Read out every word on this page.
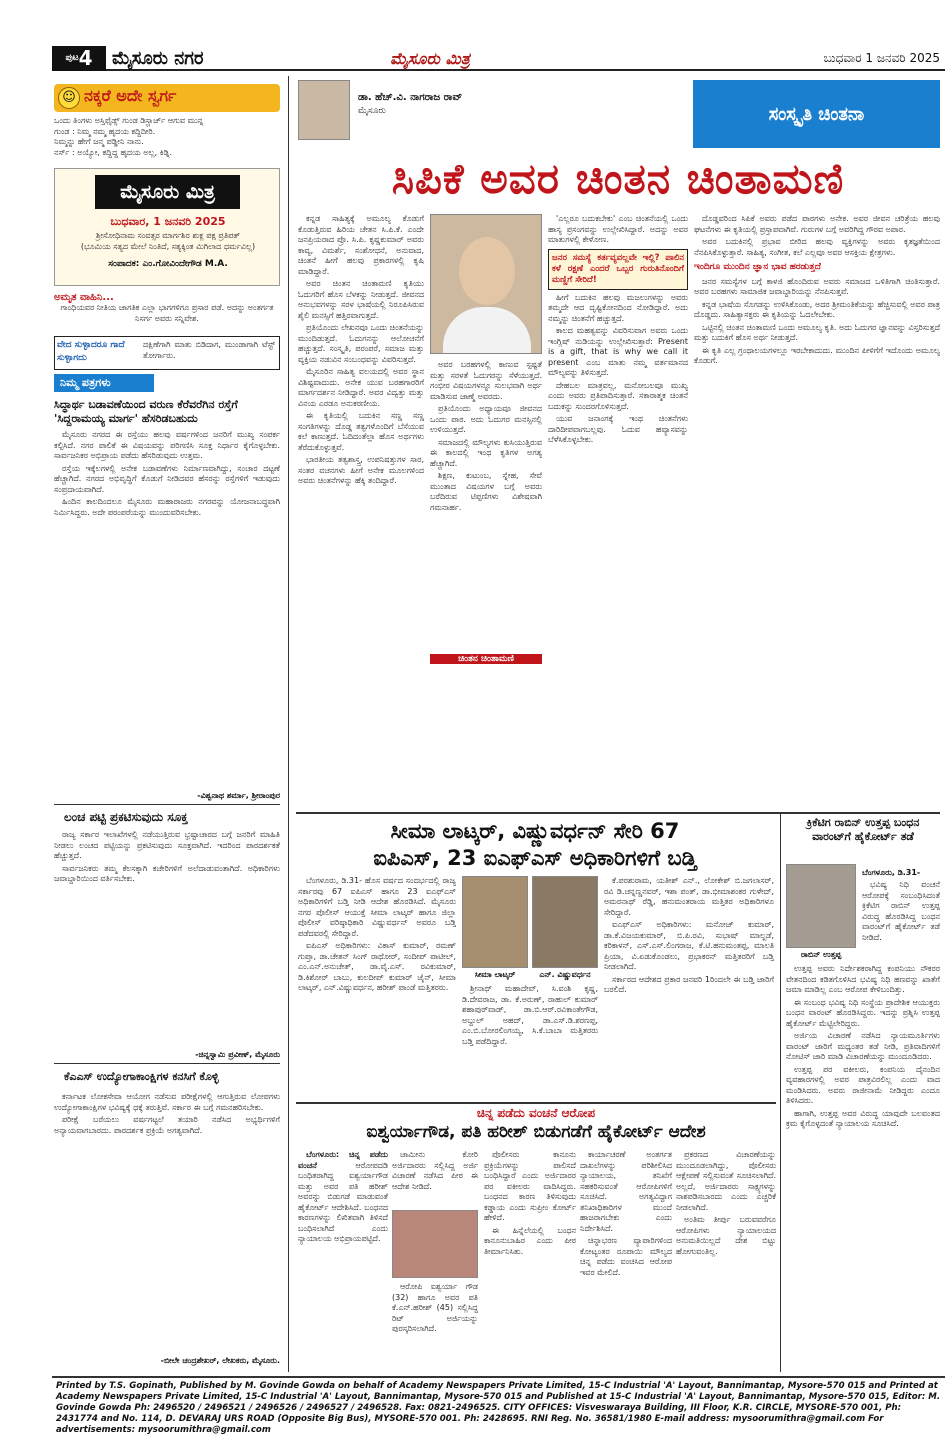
$^{ಪುಟ}$4	ಮೈಸೂರು ನಗರ	ಮೈಸೂರು ಮಿತ್ರ	ಬುಧವಾರ 1 ಜನವರಿ 2025
☺ ನಕ್ಕರೆ ಅದೇ ಸ್ವರ್ಗ
ಒಂದು ತಿಂಗಳು ಅಸ್ತಿಫೈಡ್ಸ್ ಗುಂಡ ಡಿಸ್ಚಾರ್ಜ್ ಆಗುವ ಮುನ್ನ
ಗುಂಡ : ನಿಮ್ಮ ನಮ್ಮ ಹೃದಯ ಕದ್ದಿದೀರಿ.
ನಿಮ್ಮನ್ನು ಹೇಗೆ ಜನ್ಮ ಪಡ್ಡೀನಿ ನಾನು.
ನರ್ಸ್ : ಅಯ್ಯೋ, ಕದ್ದಿದ್ದ ಹೃದಯ ಅಲ್ಲ, ಕಿಡ್ನಿ.
ಮೈಸೂರು ಮಿತ್ರ
ಬುಧವಾರ, 1 ಜನವರಿ 2025
ಶ್ರೀಸೋಧಿನಾಮ ಸಂವತ್ಸರ ಮಾರ್ಗಶಿರ ಶುಕ್ಲ ಪಕ್ಷ ಪ್ರತಿಪತ್
(ಭೂಮಿಯ ಸತ್ಯದ ಮೇಲೆ ನಿಂತಿದೆ, ಸತ್ಯಕ್ಕಿಂತ ಮಿಗಿಲಾದ ಧರ್ಮವಿಲ್ಲ)
ಸಂಪಾದಕ: ಎಂ.ಗೋವಿಂದೇಗೌಡ M.A.
ಅಮೃತ ವಾಹಿನಿ...
ಗಾಂಧಿಯವರ ನೀತಿಯ ಜಾಗತಿಕ ಎಲ್ಲಾ ಭಾಗಗಳಿಗೂ ಪ್ರಸಾರ ಪಡೆ. ಅದನ್ನು ಅಂತರ್ಗತ ನಿಸರ್ಗ ಅವರು ಸನ್ನಿವೇಶ.
ವೇದ ಸುಳ್ಳಾದರೂ ಗಾದೆ ಸುಳ್ಳಾಗದು
ದಕ್ಷಿಣೆಗಾಗಿ ಮಾತು ಬಿಡಿದಾಗ, ಮುಂಡಾಗಾಗಿ ಟೆಸ್ಟ್ ತೋರ್ಗಾರು.
ನಿಮ್ಮ ಪತ್ರಗಳು
ಸಿದ್ಧಾರ್ಥ ಬಡಾವಣೆಯಿಂದ ವರುಣ ಕೆರೆವರೆಗಿನ ರಸ್ತೆಗೆ 'ಸಿದ್ದರಾಮಯ್ಯ ಮಾರ್ಗ' ಹೆಸರಿಡಬಹುದು

ಮೈಸೂರು ನಗರದ ಈ ರಸ್ತೆಯು ಹಲವು ವರ್ಷಗಳಿಂದ ಜನರಿಗೆ ಮುಖ್ಯ ಸಂಪರ್ಕ ಕಲ್ಪಿಸಿದೆ. ನಗರ ಪಾಲಿಕೆ ಈ ವಿಷಯವನ್ನು ಪರಿಗಣಿಸಿ ಸೂಕ್ತ ನಿರ್ಧಾರ ಕೈಗೊಳ್ಳಬೇಕು. ಸಾರ್ವಜನಿಕರ ಅಭಿಪ್ರಾಯ ಪಡೆದು ಹೆಸರಿಡುವುದು ಉತ್ತಮ.

ರಸ್ತೆಯ ಇಕ್ಕೆಲಗಳಲ್ಲಿ ಅನೇಕ ಬಡಾವಣೆಗಳು ನಿರ್ಮಾಣವಾಗಿದ್ದು, ಸಂಚಾರ ದಟ್ಟಣೆ ಹೆಚ್ಚಾಗಿದೆ. ನಗರದ ಅಭಿವೃದ್ಧಿಗೆ ಕೊಡುಗೆ ನೀಡಿದವರ ಹೆಸರನ್ನು ರಸ್ತೆಗಳಿಗೆ ಇಡುವುದು ಸಂಪ್ರದಾಯವಾಗಿದೆ.

ಹಿಂದಿನ ಕಾಲದಿಂದಲೂ ಮೈಸೂರು ಮಹಾರಾಜರು ನಗರವನ್ನು ಯೋಜನಾಬದ್ಧವಾಗಿ ನಿರ್ಮಿಸಿದ್ದರು. ಅದೇ ಪರಂಪರೆಯನ್ನು ಮುಂದುವರಿಸಬೇಕು.

-ವಿಶ್ವನಾಥ ಶರ್ಮಾ, ಶ್ರೀರಾಂಪುರ
ಲಂಚ ಪಟ್ಟಿ ಪ್ರಕಟಿಸುವುದು ಸೂಕ್ತ

ರಾಜ್ಯ ಸರ್ಕಾರ ಇಲಾಖೆಗಳಲ್ಲಿ ನಡೆಯುತ್ತಿರುವ ಭ್ರಷ್ಟಾಚಾರದ ಬಗ್ಗೆ ಜನರಿಗೆ ಮಾಹಿತಿ ನೀಡಲು ಲಂಚದ ಪಟ್ಟಿಯನ್ನು ಪ್ರಕಟಿಸುವುದು ಸೂಕ್ತವಾಗಿದೆ. ಇದರಿಂದ ಪಾರದರ್ಶಕತೆ ಹೆಚ್ಚುತ್ತದೆ.

ಸಾರ್ವಜನಿಕರು ತಮ್ಮ ಕೆಲಸಕ್ಕಾಗಿ ಕಚೇರಿಗಳಿಗೆ ಅಲೆದಾಡುವಂತಾಗಿದೆ. ಅಧಿಕಾರಿಗಳು ಜವಾಬ್ದಾರಿಯಿಂದ ವರ್ತಿಸಬೇಕು.

-ಚಿನ್ನಸ್ವಾಮಿ ಪ್ರವೀಣ್, ಮೈಸೂರು
ಕೆಎಎಸ್ ಉದ್ಯೋಗಾಕಾಂಕ್ಷಿಗಳ ಕನಸಿಗೆ ಕೊಳ್ಳಿ

ಕರ್ನಾಟಕ ಲೋಕಸೇವಾ ಆಯೋಗ ನಡೆಸುವ ಪರೀಕ್ಷೆಗಳಲ್ಲಿ ಆಗುತ್ತಿರುವ ಲೋಪಗಳು ಉದ್ಯೋಗಾಕಾಂಕ್ಷಿಗಳ ಭವಿಷ್ಯಕ್ಕೆ ಧಕ್ಕೆ ತರುತ್ತಿವೆ. ಸರ್ಕಾರ ಈ ಬಗ್ಗೆ ಗಮನಹರಿಸಬೇಕು.

ಪರೀಕ್ಷೆ ಬರೆಯಲು ವರ್ಷಗಟ್ಟಲೆ ತಯಾರಿ ನಡೆಸಿದ ಅಭ್ಯರ್ಥಿಗಳಿಗೆ ಅನ್ಯಾಯವಾಗಬಾರದು. ಪಾರದರ್ಶಕ ಪ್ರಕ್ರಿಯೆ ಅಗತ್ಯವಾಗಿದೆ.

-ಬೀಲೇ ಚಂದ್ರಶೇಖರ್, ಲೇಖಕರು, ಮೈಸೂರು.
ಡಾ. ಹೆಚ್.ವಿ. ನಾಗರಾಜ ರಾವ್
ಮೈಸೂರು	ಸಂಸ್ಕೃತಿ ಚಿಂತನಾ
ಸಿಪಿಕೆ ಅವರ ಚಿಂತನ ಚಿಂತಾಮಣಿ

ಕನ್ನಡ ಸಾಹಿತ್ಯಕ್ಕೆ ಅಮೂಲ್ಯ ಕೊಡುಗೆ ಕೊಡುತ್ತಿರುವ ಹಿರಿಯ ಚೇತನ ಸಿ.ಪಿ.ಕೆ. ಎಂದೇ ಜನಪ್ರಿಯರಾದ ಪ್ರೊ. ಸಿ.ಪಿ. ಕೃಷ್ಣಕುಮಾರ್ ಅವರು ಕಾವ್ಯ, ವಿಮರ್ಶೆ, ಸಂಶೋಧನೆ, ಅನುವಾದ, ಚಿಂತನೆ ಹೀಗೆ ಹಲವು ಪ್ರಕಾರಗಳಲ್ಲಿ ಕೃಷಿ ಮಾಡಿದ್ದಾರೆ.

ಅವರ ಚಿಂತನ ಚಿಂತಾಮಣಿ ಕೃತಿಯು ಓದುಗರಿಗೆ ಹೊಸ ಬೆಳಕನ್ನು ನೀಡುತ್ತದೆ. ಜೀವನದ ಅನುಭವಗಳನ್ನು ಸರಳ ಭಾಷೆಯಲ್ಲಿ ನಿರೂಪಿಸಿರುವ ಶೈಲಿ ಮನಸ್ಸಿಗೆ ಹತ್ತಿರವಾಗುತ್ತದೆ.

ಪ್ರತಿಯೊಂದು ಲೇಖನವೂ ಒಂದು ಚಿಂತನೆಯನ್ನು ಮುಂದಿಡುತ್ತದೆ. ಓದುಗನನ್ನು ಆಲೋಚನೆಗೆ ಹಚ್ಚುತ್ತದೆ. ಸಂಸ್ಕೃತಿ, ಪರಂಪರೆ, ಸಮಾಜ ಮತ್ತು ವ್ಯಕ್ತಿಯ ನಡುವಿನ ಸಂಬಂಧವನ್ನು ವಿವರಿಸುತ್ತದೆ.

ಮೈಸೂರಿನ ಸಾಹಿತ್ಯ ವಲಯದಲ್ಲಿ ಅವರ ಸ್ಥಾನ ವಿಶಿಷ್ಟವಾದುದು. ಅನೇಕ ಯುವ ಬರಹಗಾರರಿಗೆ ಮಾರ್ಗದರ್ಶನ ನೀಡಿದ್ದಾರೆ. ಅವರ ವಿದ್ವತ್ತು ಮತ್ತು ವಿನಯ ಎರಡೂ ಅನುಕರಣೀಯ.

ಈ ಕೃತಿಯಲ್ಲಿ ಬದುಕಿನ ಸಣ್ಣ ಸಣ್ಣ ಸಂಗತಿಗಳನ್ನು ದೊಡ್ಡ ತತ್ವಗಳೊಂದಿಗೆ ಬೆಸೆಯುವ ಕಲೆ ಕಾಣುತ್ತದೆ. ಓದಿದಂತೆಲ್ಲಾ ಹೊಸ ಅರ್ಥಗಳು ತೆರೆದುಕೊಳ್ಳುತ್ತವೆ.

ಭಾರತೀಯ ತತ್ವಶಾಸ್ತ್ರ, ಉಪನಿಷತ್ತುಗಳ ಸಾರ, ಸಂತರ ವಚನಗಳು ಹೀಗೆ ಅನೇಕ ಮೂಲಗಳಿಂದ ಅವರು ಚಿಂತನೆಗಳನ್ನು ಹೆಕ್ಕಿ ತಂದಿದ್ದಾರೆ.

ಅವರ ಬರಹಗಳಲ್ಲಿ ಕಾಣುವ ಸ್ಪಷ್ಟತೆ ಮತ್ತು ಸರಳತೆ ಓದುಗರನ್ನು ಸೆಳೆಯುತ್ತದೆ. ಗಂಭೀರ ವಿಷಯಗಳನ್ನೂ ಸುಲಭವಾಗಿ ಅರ್ಥ ಮಾಡಿಸುವ ಜಾಣ್ಮೆ ಅವರದು.

ಪ್ರತಿಯೊಂದು ಅಧ್ಯಾಯವೂ ಜೀವನದ ಒಂದು ಪಾಠ. ಅದು ಓದುಗರ ಮನಸ್ಸಿನಲ್ಲಿ ಉಳಿಯುತ್ತದೆ.

ಸಮಾಜದಲ್ಲಿ ಮೌಲ್ಯಗಳು ಕುಸಿಯುತ್ತಿರುವ ಈ ಕಾಲದಲ್ಲಿ ಇಂಥ ಕೃತಿಗಳ ಅಗತ್ಯ ಹೆಚ್ಚಾಗಿದೆ.

ಶಿಕ್ಷಣ, ಕುಟುಂಬ, ಸ್ನೇಹ, ಸೇವೆ ಮುಂತಾದ ವಿಷಯಗಳ ಬಗ್ಗೆ ಅವರು ಬರೆದಿರುವ ಟಿಪ್ಪಣಿಗಳು ವಿಶೇಷವಾಗಿ ಗಮನಾರ್ಹ.

ಚಿಂತನ ಚಿಂತಾಮಣಿ

'ಎಲ್ಲರೂ ಬದುಕಬೇಕು' ಎಂಬ ಚಿಂತನೆಯಲ್ಲಿ ಒಂದು ಹಾಸ್ಯ ಪ್ರಸಂಗವನ್ನು ಉಲ್ಲೇಖಿಸಿದ್ದಾರೆ. ಅದನ್ನು ಅವರ ಮಾತುಗಳಲ್ಲಿ ಕೇಳೋಣ.

ಜನರ ಸಮಸ್ಯೆ ಕರ್ತವ್ಯವಲ್ಲವೇ ಇಲ್ಲಿ? ಪಾಲಿನ ಕಳೆ ರಕ್ಷಣೆ ಎಂದರೆ ಒಬ್ಬರ ಗುರುತಿನೊಂದಿಗೆ ಮಣ್ಣಿಗೆ ಸೇರಿದೆ!

ಹೀಗೆ ಬದುಕಿನ ಹಲವು ಮಜಲುಗಳನ್ನು ಅವರು ತಮ್ಮದೇ ಆದ ದೃಷ್ಟಿಕೋನದಿಂದ ನೋಡಿದ್ದಾರೆ. ಅದು ನಮ್ಮನ್ನು ಚಿಂತನೆಗೆ ಹಚ್ಚುತ್ತದೆ.

ಕಾಲದ ಮಹತ್ವವನ್ನು ವಿವರಿಸುವಾಗ ಅವರು ಒಂದು ಇಂಗ್ಲಿಷ್ ನುಡಿಯನ್ನು ಉಲ್ಲೇಖಿಸುತ್ತಾರೆ: Present is a gift, that is why we call it present ಎಂಬ ಮಾತು ನಮ್ಮ ವರ್ತಮಾನದ ಮೌಲ್ಯವನ್ನು ತಿಳಿಸುತ್ತದೆ.

ದೇಹಬಲ ಮಾತ್ರವಲ್ಲ, ಮನೋಬಲವೂ ಮುಖ್ಯ ಎಂದು ಅವರು ಪ್ರತಿಪಾದಿಸುತ್ತಾರೆ. ಸಕಾರಾತ್ಮಕ ಚಿಂತನೆ ಬದುಕನ್ನು ಸುಂದರಗೊಳಿಸುತ್ತದೆ.

ಯುವ ಜನಾಂಗಕ್ಕೆ ಇಂಥ ಚಿಂತನೆಗಳು ದಾರಿದೀಪವಾಗಬಲ್ಲವು. ಓದುವ ಹವ್ಯಾಸವನ್ನು ಬೆಳೆಸಿಕೊಳ್ಳಬೇಕು.

ದೊಡ್ಡವರಿಂದ ಸಿಪಿಕೆ ಅವರು ಪಡೆದ ಪಾಠಗಳು ಅನೇಕ. ಅವರ ಜೀವನ ಚರಿತ್ರೆಯ ಹಲವು ಘಟನೆಗಳು ಈ ಕೃತಿಯಲ್ಲಿ ಪ್ರಸ್ತಾಪವಾಗಿವೆ. ಗುರುಗಳ ಬಗ್ಗೆ ಅವರಿಗಿದ್ದ ಗೌರವ ಅಪಾರ.

ಅವರ ಬದುಕಿನಲ್ಲಿ ಪ್ರಭಾವ ಬೀರಿದ ಹಲವು ವ್ಯಕ್ತಿಗಳನ್ನು ಅವರು ಕೃತಜ್ಞತೆಯಿಂದ ನೆನಪಿಸಿಕೊಳ್ಳುತ್ತಾರೆ. ಸಾಹಿತ್ಯ, ಸಂಗೀತ, ಕಲೆ ಎಲ್ಲವೂ ಅವರ ಆಸಕ್ತಿಯ ಕ್ಷೇತ್ರಗಳು.

ಇಂದಿಗೂ ಮುಂದಿನ ಜ್ಞಾನ ಭಾವ ಹರಡುತ್ತದೆ

ಜನರ ಸಮಸ್ಯೆಗಳ ಬಗ್ಗೆ ಕಾಳಜಿ ಹೊಂದಿರುವ ಅವರು ಸಮಾಜದ ಒಳಿತಿಗಾಗಿ ಚಿಂತಿಸುತ್ತಾರೆ. ಅವರ ಬರಹಗಳು ಸಾಮಾಜಿಕ ಜವಾಬ್ದಾರಿಯನ್ನು ನೆನಪಿಸುತ್ತವೆ.

ಕನ್ನಡ ಭಾಷೆಯ ಸೊಗಡನ್ನು ಉಳಿಸಿಕೊಂಡು, ಅದರ ಶ್ರೀಮಂತಿಕೆಯನ್ನು ಹೆಚ್ಚಿಸುವಲ್ಲಿ ಅವರ ಪಾತ್ರ ದೊಡ್ಡದು. ಸಾಹಿತ್ಯಾಸಕ್ತರು ಈ ಕೃತಿಯನ್ನು ಓದಲೇಬೇಕು.

ಒಟ್ಟಿನಲ್ಲಿ ಚಿಂತನ ಚಿಂತಾಮಣಿ ಒಂದು ಅಮೂಲ್ಯ ಕೃತಿ. ಅದು ಓದುಗರ ಜ್ಞಾನವನ್ನು ವಿಸ್ತರಿಸುತ್ತದೆ ಮತ್ತು ಬದುಕಿಗೆ ಹೊಸ ಅರ್ಥ ನೀಡುತ್ತದೆ.

ಈ ಕೃತಿ ಎಲ್ಲ ಗ್ರಂಥಾಲಯಗಳಲ್ಲೂ ಇರಬೇಕಾದುದು. ಮುಂದಿನ ಪೀಳಿಗೆಗೆ ಇದೊಂದು ಅಮೂಲ್ಯ ಕೊಡುಗೆ.

ಸೀಮಾ ಲಾಟ್ಕರ್, ವಿಷ್ಣುವರ್ಧನ್ ಸೇರಿ 67
ಐಪಿಎಸ್, 23 ಐಎಫ್‌ಎಸ್ ಅಧಿಕಾರಿಗಳಿಗೆ ಬಡ್ತಿ

ಬೆಂಗಳೂರು, ಡಿ.31- ಹೊಸ ವರ್ಷದ ಸಂದರ್ಭದಲ್ಲಿ ರಾಜ್ಯ ಸರ್ಕಾರವು 67 ಐಪಿಎಸ್ ಹಾಗೂ 23 ಐಎಫ್‌ಎಸ್ ಅಧಿಕಾರಿಗಳಿಗೆ ಬಡ್ತಿ ನೀಡಿ ಆದೇಶ ಹೊರಡಿಸಿದೆ. ಮೈಸೂರು ನಗರ ಪೊಲೀಸ್ ಆಯುಕ್ತೆ ಸೀಮಾ ಲಾಟ್ಕರ್ ಹಾಗೂ ಜಿಲ್ಲಾ ಪೊಲೀಸ್ ವರಿಷ್ಠಾಧಿಕಾರಿ ವಿಷ್ಣುವರ್ಧನ್ ಅವರೂ ಬಡ್ತಿ ಪಡೆದವರಲ್ಲಿ ಸೇರಿದ್ದಾರೆ.

ಐಪಿಎಸ್ ಅಧಿಕಾರಿಗಳು: ವಿಕಾಸ್ ಕುಮಾರ್, ರಮಣ್ ಗುಪ್ತಾ, ಡಾ.ಚೇತನ್ ಸಿಂಗ್ ರಾಥೋರ್, ಸಂದೀಪ್ ಪಾಟೀಲ್, ಎಂ.ಎನ್.ಅನುಚೇತ್, ಡಾ.ವೈ.ಎಸ್. ರವಿಕುಮಾರ್, ಡಿ.ಕಿಶೋರ್ ಬಾಬು, ಕುಲದೀಪ್ ಕುಮಾರ್ ಜೈನ್, ಸೀಮಾ ಲಾಟ್ಕರ್, ಎನ್.ವಿಷ್ಣುವರ್ಧನ, ಹರೀಶ್ ಪಾಂಡೆ ಮತ್ತಿತರರು.

ಸೀಮಾ ಲಾಟ್ಕರ್	ಎನ್. ವಿಷ್ಣುವರ್ಧನ

ಶ್ರೀನಾಥ್ ಮಹಾದೇವ್, ಸಿ.ವಂಶಿ ಕೃಷ್ಣ, ಡಿ.ದೇವರಾಜ, ಡಾ. ಕೆ.ಅರುಣ್, ರಾಹುಲ್ ಕುಮಾರ್ ಶಹಾಪುರ್‌ವಾಡ್, ಡಾ.ಬಿ.ಆರ್.ರವಿಕಾಂತೇಗೌಡ, ಅಬ್ದುಲ್ ಅಹದ್, ಡಾ.ಎಸ್.ಡಿ.ಶರಣಪ್ಪ, ಎಂ.ಬಿ.ಬೋರಲಿಂಗಯ್ಯ, ಸಿ.ಕೆ.ಬಾಬಾ ಮತ್ತಿತರರು ಬಡ್ತಿ ಪಡೆದಿದ್ದಾರೆ.

ಕೆ.ಪರಶುರಾಮ, ಯತೀಶ್ ಎನ್., ಲೋಕೇಶ್ ಬಿ.ಜಗಲಾಸರ್, ರವಿ ಡಿ.ಚನ್ನಣ್ಣನವರ್, ಇಶಾ ಪಂತ್, ಡಾ.ಭೀಮಾಶಂಕರ ಗುಳೇದ್, ಅಮರನಾಥ್ ರೆಡ್ಡಿ, ಹನುಮಂತರಾಯ ಮತ್ತಿತರ ಅಧಿಕಾರಿಗಳೂ ಸೇರಿದ್ದಾರೆ.

ಐಎಫ್‌ಎಸ್ ಅಧಿಕಾರಿಗಳು: ಮನೋಜ್ ಕುಮಾರ್, ಡಾ.ಕೆ.ವಿಜಯಕುಮಾರ್, ಬಿ.ಪಿ.ರವಿ, ಸುಭಾಷ್ ಮಾಲ್ಖಡೆ, ಕರಿಕಾಳನ್, ಎಸ್.ಎಸ್.ಲಿಂಗರಾಜ, ಕೆ.ಟಿ.ಹನುಮಂತಪ್ಪ, ಮಾಲತಿ ಪ್ರಿಯಾ, ವಿ.ಏಡುಕೊಂಡಲು, ಪ್ರಭಾಕರನ್ ಮತ್ತಿತರರಿಗೆ ಬಡ್ತಿ ನೀಡಲಾಗಿದೆ.

ಸರ್ಕಾರದ ಆದೇಶದ ಪ್ರಕಾರ ಜನವರಿ 1ರಿಂದಲೇ ಈ ಬಡ್ತಿ ಜಾರಿಗೆ ಬರಲಿದೆ.

ಕ್ರಿಕೆಟಿಗ ರಾಬಿನ್ ಉತ್ತಪ್ಪ ಬಂಧನ ವಾರಂಟ್‌ಗೆ ಹೈಕೋರ್ಟ್ ತಡೆ
ಬೆಂಗಳೂರು, ಡಿ.31-
ರಾಬಿನ್ ಉತ್ತಪ್ಪ

ಭವಿಷ್ಯ ನಿಧಿ ವಂಚನೆ ಆರೋಪಕ್ಕೆ ಸಂಬಂಧಿಸಿದಂತೆ ಕ್ರಿಕೆಟಿಗ ರಾಬಿನ್ ಉತ್ತಪ್ಪ ವಿರುದ್ಧ ಹೊರಡಿಸಿದ್ದ ಬಂಧನ ವಾರಂಟ್‌ಗೆ ಹೈಕೋರ್ಟ್ ತಡೆ ನೀಡಿದೆ.

ಉತ್ತಪ್ಪ ಅವರು ನಿರ್ದೇಶಕರಾಗಿದ್ದ ಕಂಪನಿಯು ನೌಕರರ ವೇತನದಿಂದ ಕಡಿತಗೊಳಿಸಿದ ಭವಿಷ್ಯ ನಿಧಿ ಹಣವನ್ನು ಖಾತೆಗೆ ಜಮಾ ಮಾಡಿಲ್ಲ ಎಂಬ ಆರೋಪ ಕೇಳಿಬಂದಿತ್ತು.

ಈ ಸಂಬಂಧ ಭವಿಷ್ಯ ನಿಧಿ ಸಂಸ್ಥೆಯ ಪ್ರಾದೇಶಿಕ ಆಯುಕ್ತರು ಬಂಧನ ವಾರಂಟ್ ಹೊರಡಿಸಿದ್ದರು. ಇದನ್ನು ಪ್ರಶ್ನಿಸಿ ಉತ್ತಪ್ಪ ಹೈಕೋರ್ಟ್ ಮೆಟ್ಟಿಲೇರಿದ್ದರು.

ಅರ್ಜಿಯ ವಿಚಾರಣೆ ನಡೆಸಿದ ನ್ಯಾಯಮೂರ್ತಿಗಳು ವಾರಂಟ್ ಜಾರಿಗೆ ಮಧ್ಯಂತರ ತಡೆ ನೀಡಿ, ಪ್ರತಿವಾದಿಗಳಿಗೆ ನೋಟಿಸ್ ಜಾರಿ ಮಾಡಿ ವಿಚಾರಣೆಯನ್ನು ಮುಂದೂಡಿದರು.

ಉತ್ತಪ್ಪ ಪರ ವಕೀಲರು, ಕಂಪನಿಯ ದೈನಂದಿನ ವ್ಯವಹಾರಗಳಲ್ಲಿ ಅವರ ಪಾತ್ರವಿರಲಿಲ್ಲ ಎಂದು ವಾದ ಮಂಡಿಸಿದರು. ಅವರು ರಾಜೀನಾಮೆ ನೀಡಿದ್ದರು ಎಂದೂ ತಿಳಿಸಿದರು.

ಹಾಗಾಗಿ, ಉತ್ತಪ್ಪ ಅವರ ವಿರುದ್ಧ ಯಾವುದೇ ಬಲವಂತದ ಕ್ರಮ ಕೈಗೊಳ್ಳದಂತೆ ನ್ಯಾಯಾಲಯ ಸೂಚಿಸಿದೆ.

ಚಿನ್ನ ಪಡೆದು ವಂಚನೆ ಆರೋಪ
ಐಶ್ವರ್ಯಾಗೌಡ, ಪತಿ ಹರೀಶ್ ಬಿಡುಗಡೆಗೆ ಹೈಕೋರ್ಟ್ ಆದೇಶ

ಬೆಂಗಳೂರು: ಚಿನ್ನ ಪಡೆದು ವಂಚನೆ ಆರೋಪದಡಿ ಬಂಧಿತರಾಗಿದ್ದ ಐಶ್ವರ್ಯಾಗೌಡ ಮತ್ತು ಅವರ ಪತಿ ಹರೀಶ್ ಅವರನ್ನು ಬಿಡುಗಡೆ ಮಾಡುವಂತೆ ಹೈಕೋರ್ಟ್ ಆದೇಶಿಸಿದೆ. ಬಂಧನದ ಕಾರಣಗಳನ್ನು ಲಿಖಿತವಾಗಿ ತಿಳಿಸದೆ ಬಂಧಿಸಲಾಗಿದೆ ಎಂದು ನ್ಯಾಯಾಲಯ ಅಭಿಪ್ರಾಯಪಟ್ಟಿದೆ.

ಜಾಮೀನು ಕೋರಿ ಅರ್ಜಿದಾರರು ಸಲ್ಲಿಸಿದ್ದ ಅರ್ಜಿ ವಿಚಾರಣೆ ನಡೆಸಿದ ಪೀಠ ಈ ಆದೇಶ ನೀಡಿದೆ.

ಆರೋಪಿ ಐಶ್ವರ್ಯಾ ಗೌಡ (32) ಹಾಗೂ ಅವರ ಪತಿ ಕೆ.ಎನ್.ಹರೀಶ್ (45) ಸಲ್ಲಿಸಿದ್ದ ರಿಟ್ ಅರ್ಜಿಯನ್ನು ಪುರಸ್ಕರಿಸಲಾಗಿದೆ.

ಪೊಲೀಸರು ಕಾನೂನು ಪ್ರಕ್ರಿಯೆಗಳನ್ನು ಪಾಲಿಸದೆ ಬಂಧಿಸಿದ್ದಾರೆ ಎಂದು ಅರ್ಜಿದಾರರ ಪರ ವಕೀಲರು ವಾದಿಸಿದ್ದರು. ಬಂಧನದ ಕಾರಣ ತಿಳಿಸುವುದು ಕಡ್ಡಾಯ ಎಂದು ಸುಪ್ರೀಂ ಕೋರ್ಟ್ ಹೇಳಿದೆ.

ಈ ಹಿನ್ನೆಲೆಯಲ್ಲಿ ಬಂಧನ ಕಾನೂನುಬಾಹಿರ ಎಂದು ಪೀಠ ತೀರ್ಮಾನಿಸಿತು.

ಕಾರ್ಯಾಚರಣೆ ಅಂತರ್ಗತ ದಾಖಲೆಗಳನ್ನು ಪರಿಶೀಲಿಸಿದ ನ್ಯಾಯಾಲಯ, ತನಿಖೆಗೆ ಸಹಕರಿಸುವಂತೆ ಆರೋಪಿಗಳಿಗೆ ಸೂಚಿಸಿದೆ. ಅಗತ್ಯವಿದ್ದಾಗ ತನಿಖಾಧಿಕಾರಿಗಳ ಮುಂದೆ ಹಾಜರಾಗಬೇಕು ಎಂದು ನಿರ್ದೇಶಿಸಿದೆ.

ಚಿನ್ನಾಭರಣ ವ್ಯಾಪಾರಿಗಳಿಂದ ಕೋಟ್ಯಂತರ ರೂಪಾಯಿ ಮೌಲ್ಯದ ಚಿನ್ನ ಪಡೆದು ವಂಚಿಸಿದ ಆರೋಪ ಇವರ ಮೇಲಿದೆ.

ಪ್ರಕರಣದ ವಿಚಾರಣೆಯನ್ನು ಮುಂದೂಡಲಾಗಿದ್ದು, ಪೊಲೀಸರು ಆಕ್ಷೇಪಣೆ ಸಲ್ಲಿಸುವಂತೆ ಸೂಚಿಸಲಾಗಿದೆ. ಅಲ್ಲದೆ, ಅರ್ಜಿದಾರರು ಸಾಕ್ಷ್ಯಗಳನ್ನು ನಾಶಪಡಿಸಬಾರದು ಎಂದು ಎಚ್ಚರಿಕೆ ನೀಡಲಾಗಿದೆ.

ಅಂತಿಮ ತೀರ್ಪು ಬರುವವರೆಗೂ ಆರೋಪಿಗಳು ನ್ಯಾಯಾಲಯದ ಅನುಮತಿಯಿಲ್ಲದೆ ದೇಶ ಬಿಟ್ಟು ಹೋಗುವಂತಿಲ್ಲ.

Printed by T.S. Gopinath, Published by M. Govinde Gowda on behalf of Academy Newspapers Private Limited, 15-C Industrial 'A' Layout, Bannimantap, Mysore-570 015 and Printed at Academy Newspapers Private Limited, 15-C Industrial 'A' Layout, Bannimantap, Mysore-570 015 and Published at 15-C Industrial 'A' Layout, Bannimantap, Mysore-570 015, Editor: M. Govinde Gowda Ph: 2496520 / 2496521 / 2496526 / 2496527 / 2496528. Fax: 0821-2496525. CITY OFFICES: Visveswaraya Building, III Floor, K.R. CIRCLE, MYSORE-570 001, Ph: 2431774 and No. 114, D. DEVARAJ URS ROAD (Opposite Big Bus), MYSORE-570 001. Ph: 2428695. RNI Reg. No. 36581/1980 E-mail address: mysoorumithra@gmail.com For advertisements: mysoorumithra@gmail.com
